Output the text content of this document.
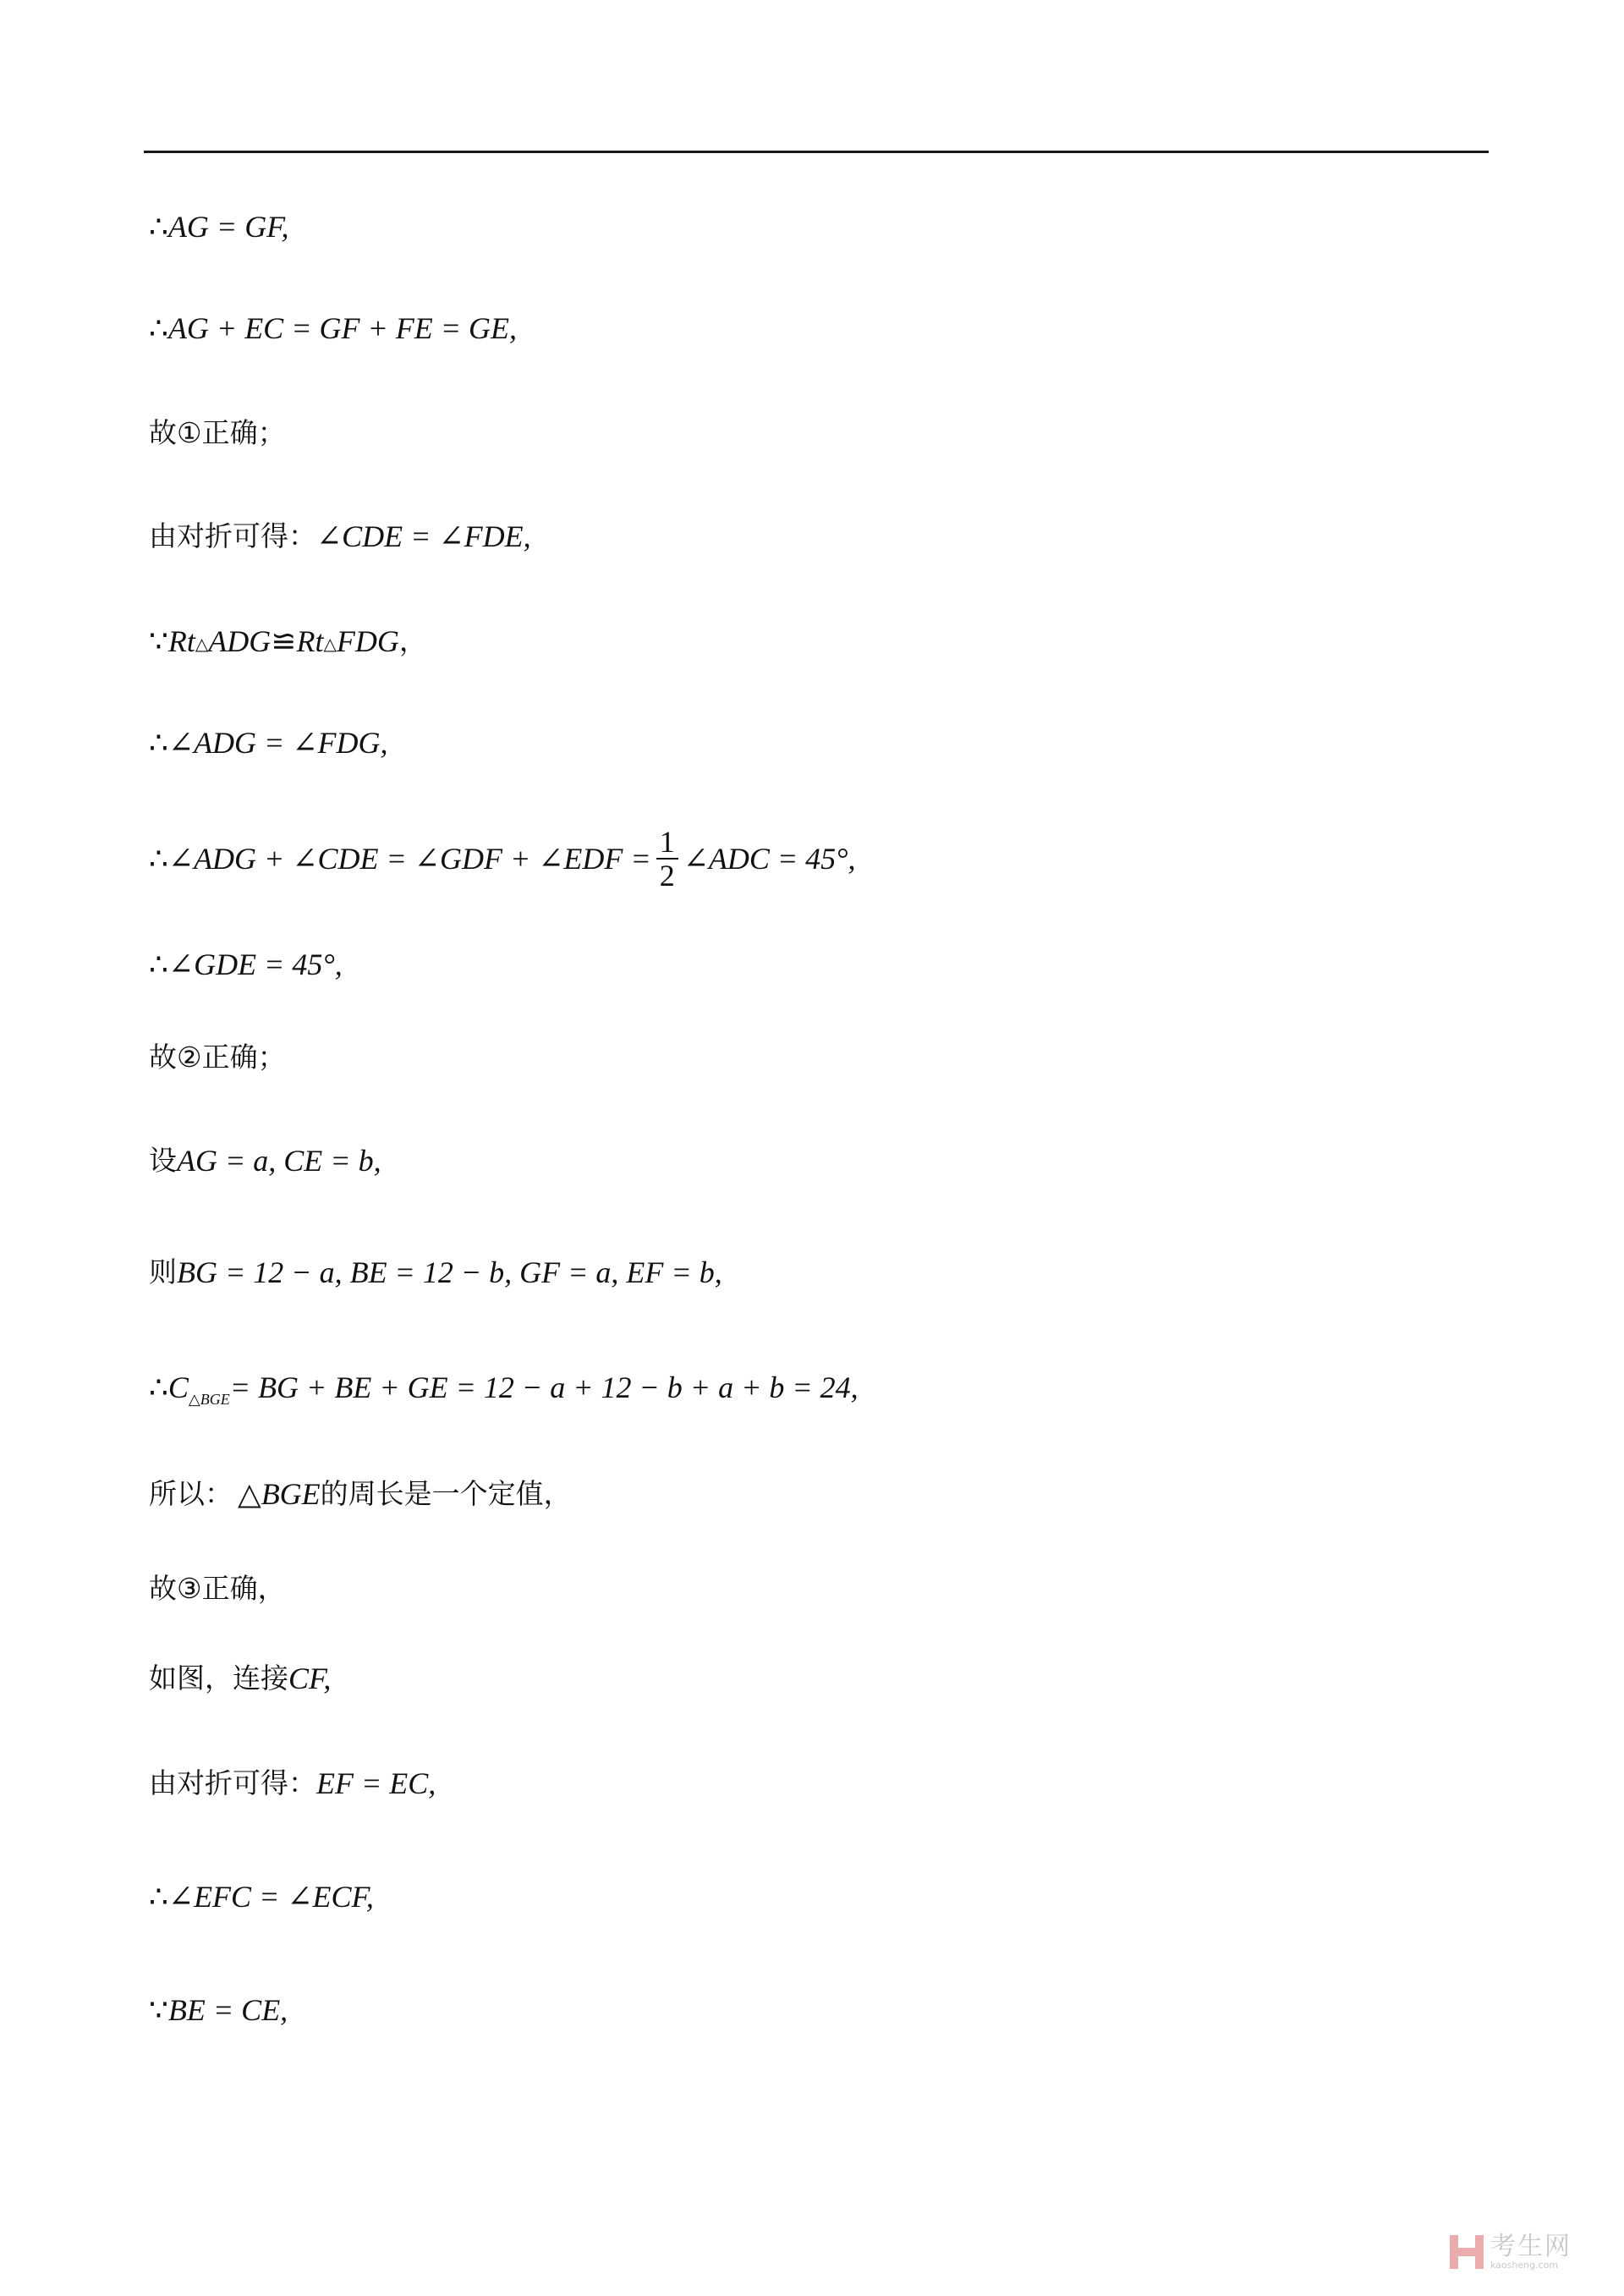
∴ AG = GF,
∴ AG + EC = GF + FE = GE,
故①正确；
由对折可得： ∠CDE = ∠FDE,
∵ Rt △ ADG ≌ Rt △ FDG ，
∴ ∠ADG = ∠FDG,
∴ ∠ADG + ∠CDE = ∠GDF + ∠EDF = $\frac{1}{2}$ ∠ADC = 45°,
∴ ∠GDE = 45°,
故②正确；
设 AG = a, CE = b,
则 BG = 12 − a, BE = 12 − b, GF = a, EF = b,
∴ C △BGE = BG + BE + GE = 12 − a + 12 − b + a + b = 24,
所以： △ BGE 的周长是一个定值，
故③正确，
如图，连接 CF,
由对折可得： EF = EC,
∴ ∠EFC = ∠ECF,
∵ BE = CE,
考生网
kaosheng.com
